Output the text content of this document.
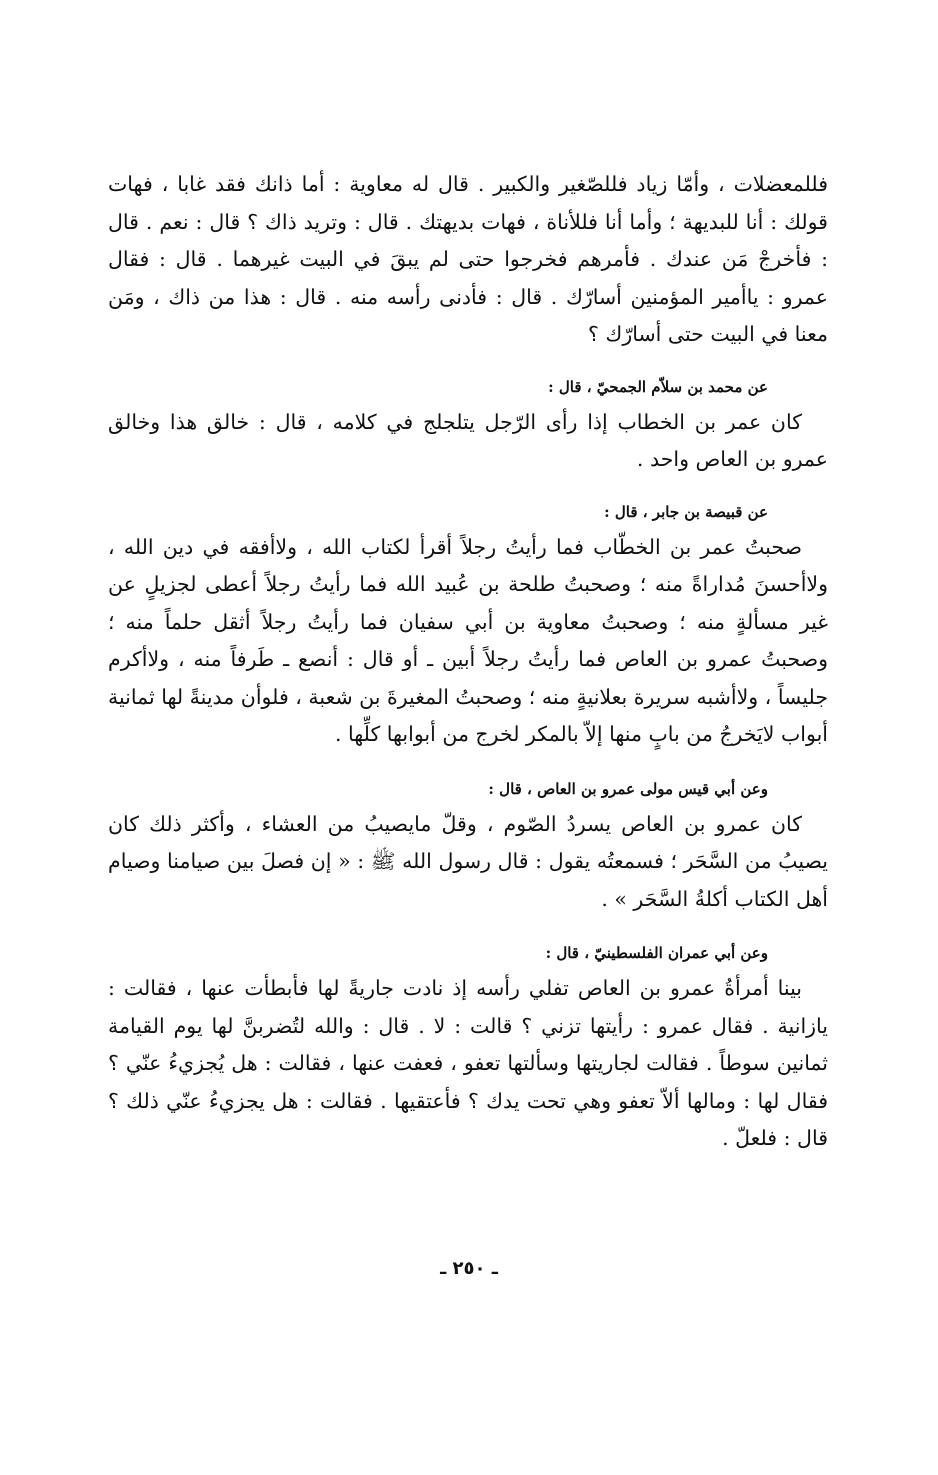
فللمعضلات ، وأمّا زياد فللصّغير والكبير . قال له معاوية : أما ذانك فقد غابا ، فهات قولك : أنا للبديهة ؛ وأما أنا فللأناة ، فهات بديهتك . قال : وتريد ذاك ؟ قال : نعم . قال : فأخرجْ مَن عندك . فأمرهم فخرجوا حتى لم يبقَ في البيت غيرهما . قال : فقال عمرو : ياأمير المؤمنين أسارّك . قال : فأدنى رأسه منه . قال : هذا من ذاك ، ومَن معنا في البيت حتى أسارّك ؟

عن محمد بن سلاّم الجمحيّ ، قال :

كان عمر بن الخطاب إذا رأى الرّجل يتلجلج في كلامه ، قال : خالق هذا وخالق عمرو بن العاص واحد .

عن قبيصة بن جابر ، قال :

صحبتُ عمر بن الخطّاب فما رأيتُ رجلاً أقرأ لكتاب الله ، ولاأفقه في دين الله ، ولاأحسنَ مُداراةً منه ؛ وصحبتُ طلحة بن عُبيد الله فما رأيتُ رجلاً أعطى لجزيلٍ عن غير مسألةٍ منه ؛ وصحبتُ معاوية بن أبي سفيان فما رأيتُ رجلاً أثقل حلماً منه ؛ وصحبتُ عمرو بن العاص فما رأيتُ رجلاً أبين ـ أو قال : أنصع ـ طَرفاً منه ، ولاأكرم جليساً ، ولاأشبه سريرة بعلانيةٍ منه ؛ وصحبتُ المغيرةَ بن شعبة ، فلوأن مدينةً لها ثمانية أبواب لايَخرجُ من بابٍ منها إلاّ بالمكر لخرج من أبوابها كلِّها .

وعن أبي قيس مولى عمرو بن العاص ، قال :

كان عمرو بن العاص يسردُ الصّوم ، وقلّ مايصيبُ من العشاء ، وأكثر ذلك كان يصيبُ من السَّحَر ؛ فسمعتُه يقول : قال رسول الله ﷺ : « إن فصلَ بين صيامنا وصيام أهل الكتاب أكلةُ السَّحَر » .

وعن أبي عمران الفلسطينيّ ، قال :

بينا أمرأةُ عمرو بن العاص تفلي رأسه إذ نادت جاريةً لها فأبطأت عنها ، فقالت : يازانية . فقال عمرو : رأيتها تزني ؟ قالت : لا . قال : والله لتُضربنَّ لها يوم القيامة ثمانين سوطاً . فقالت لجاريتها وسألتها تعفو ، فعفت عنها ، فقالت : هل يُجزيءُ عنّي ؟ فقال لها : ومالها ألاّ تعفو وهي تحت يدك ؟ فأعتقيها . فقالت : هل يجزيءُ عنّي ذلك ؟ قال : فلعلّ .

ـ ٢٥٠ ـ
